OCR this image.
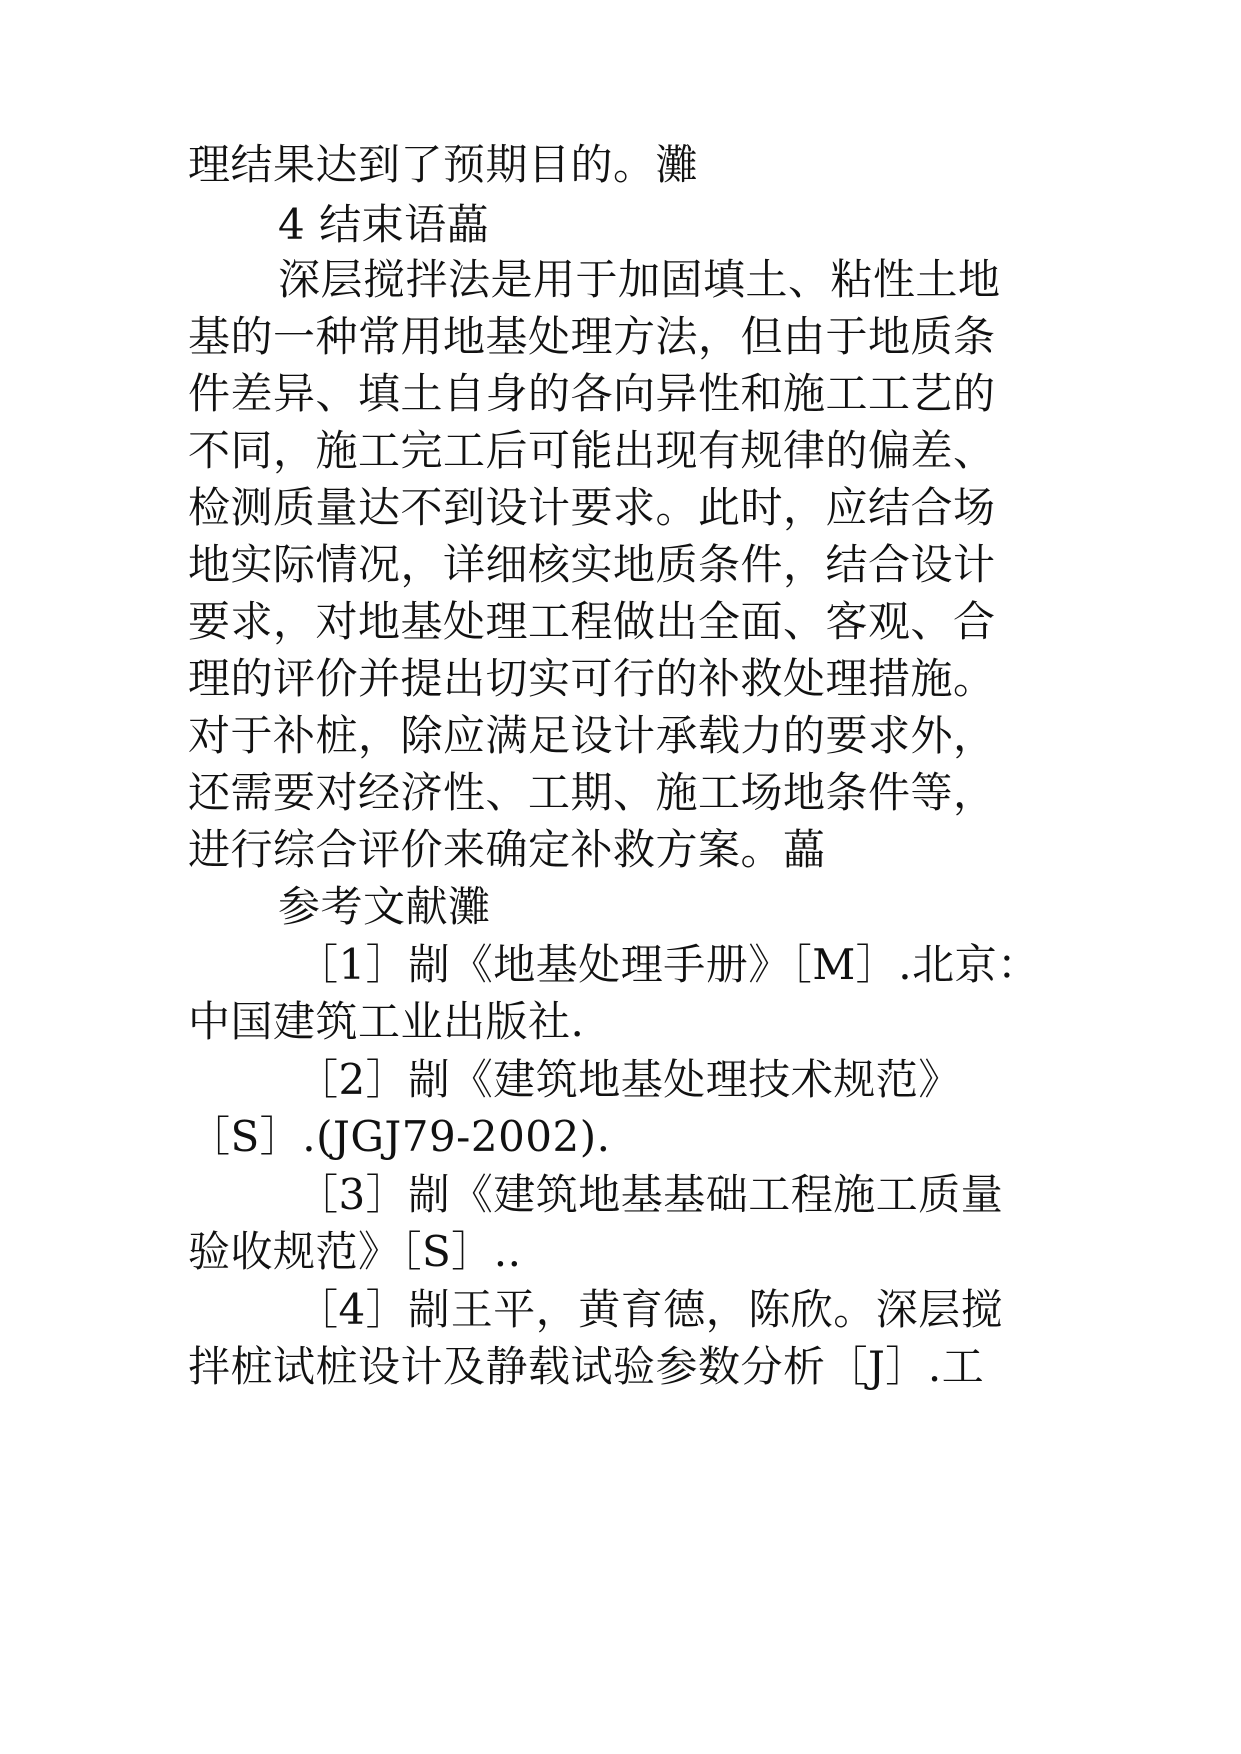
理结果达到了预期目的。灘
4 结束语藟
深层搅拌法是用于加固填土、粘性土地
基的一种常用地基处理方法，但由于地质条
件差异、填土自身的各向异性和施工工艺的
不同，施工完工后可能出现有规律的偏差、
检测质量达不到设计要求。此时，应结合场
地实际情况，详细核实地质条件，结合设计
要求，对地基处理工程做出全面、客观、合
理的评价并提出切实可行的补救处理措施。
对于补桩，除应满足设计承载力的要求外，
还需要对经济性、工期、施工场地条件等，
进行综合评价来确定补救方案。藟
参考文献灘
［1］剬《地基处理手册》［M］.北京：
中国建筑工业出版社.
［2］剬《建筑地基处理技术规范》
［S］.(JGJ79-2002).
［3］剬《建筑地基基础工程施工质量
验收规范》［S］..
［4］剬王平，黄育德，陈欣。深层搅
拌桩试桩设计及静载试验参数分析［J］.工
